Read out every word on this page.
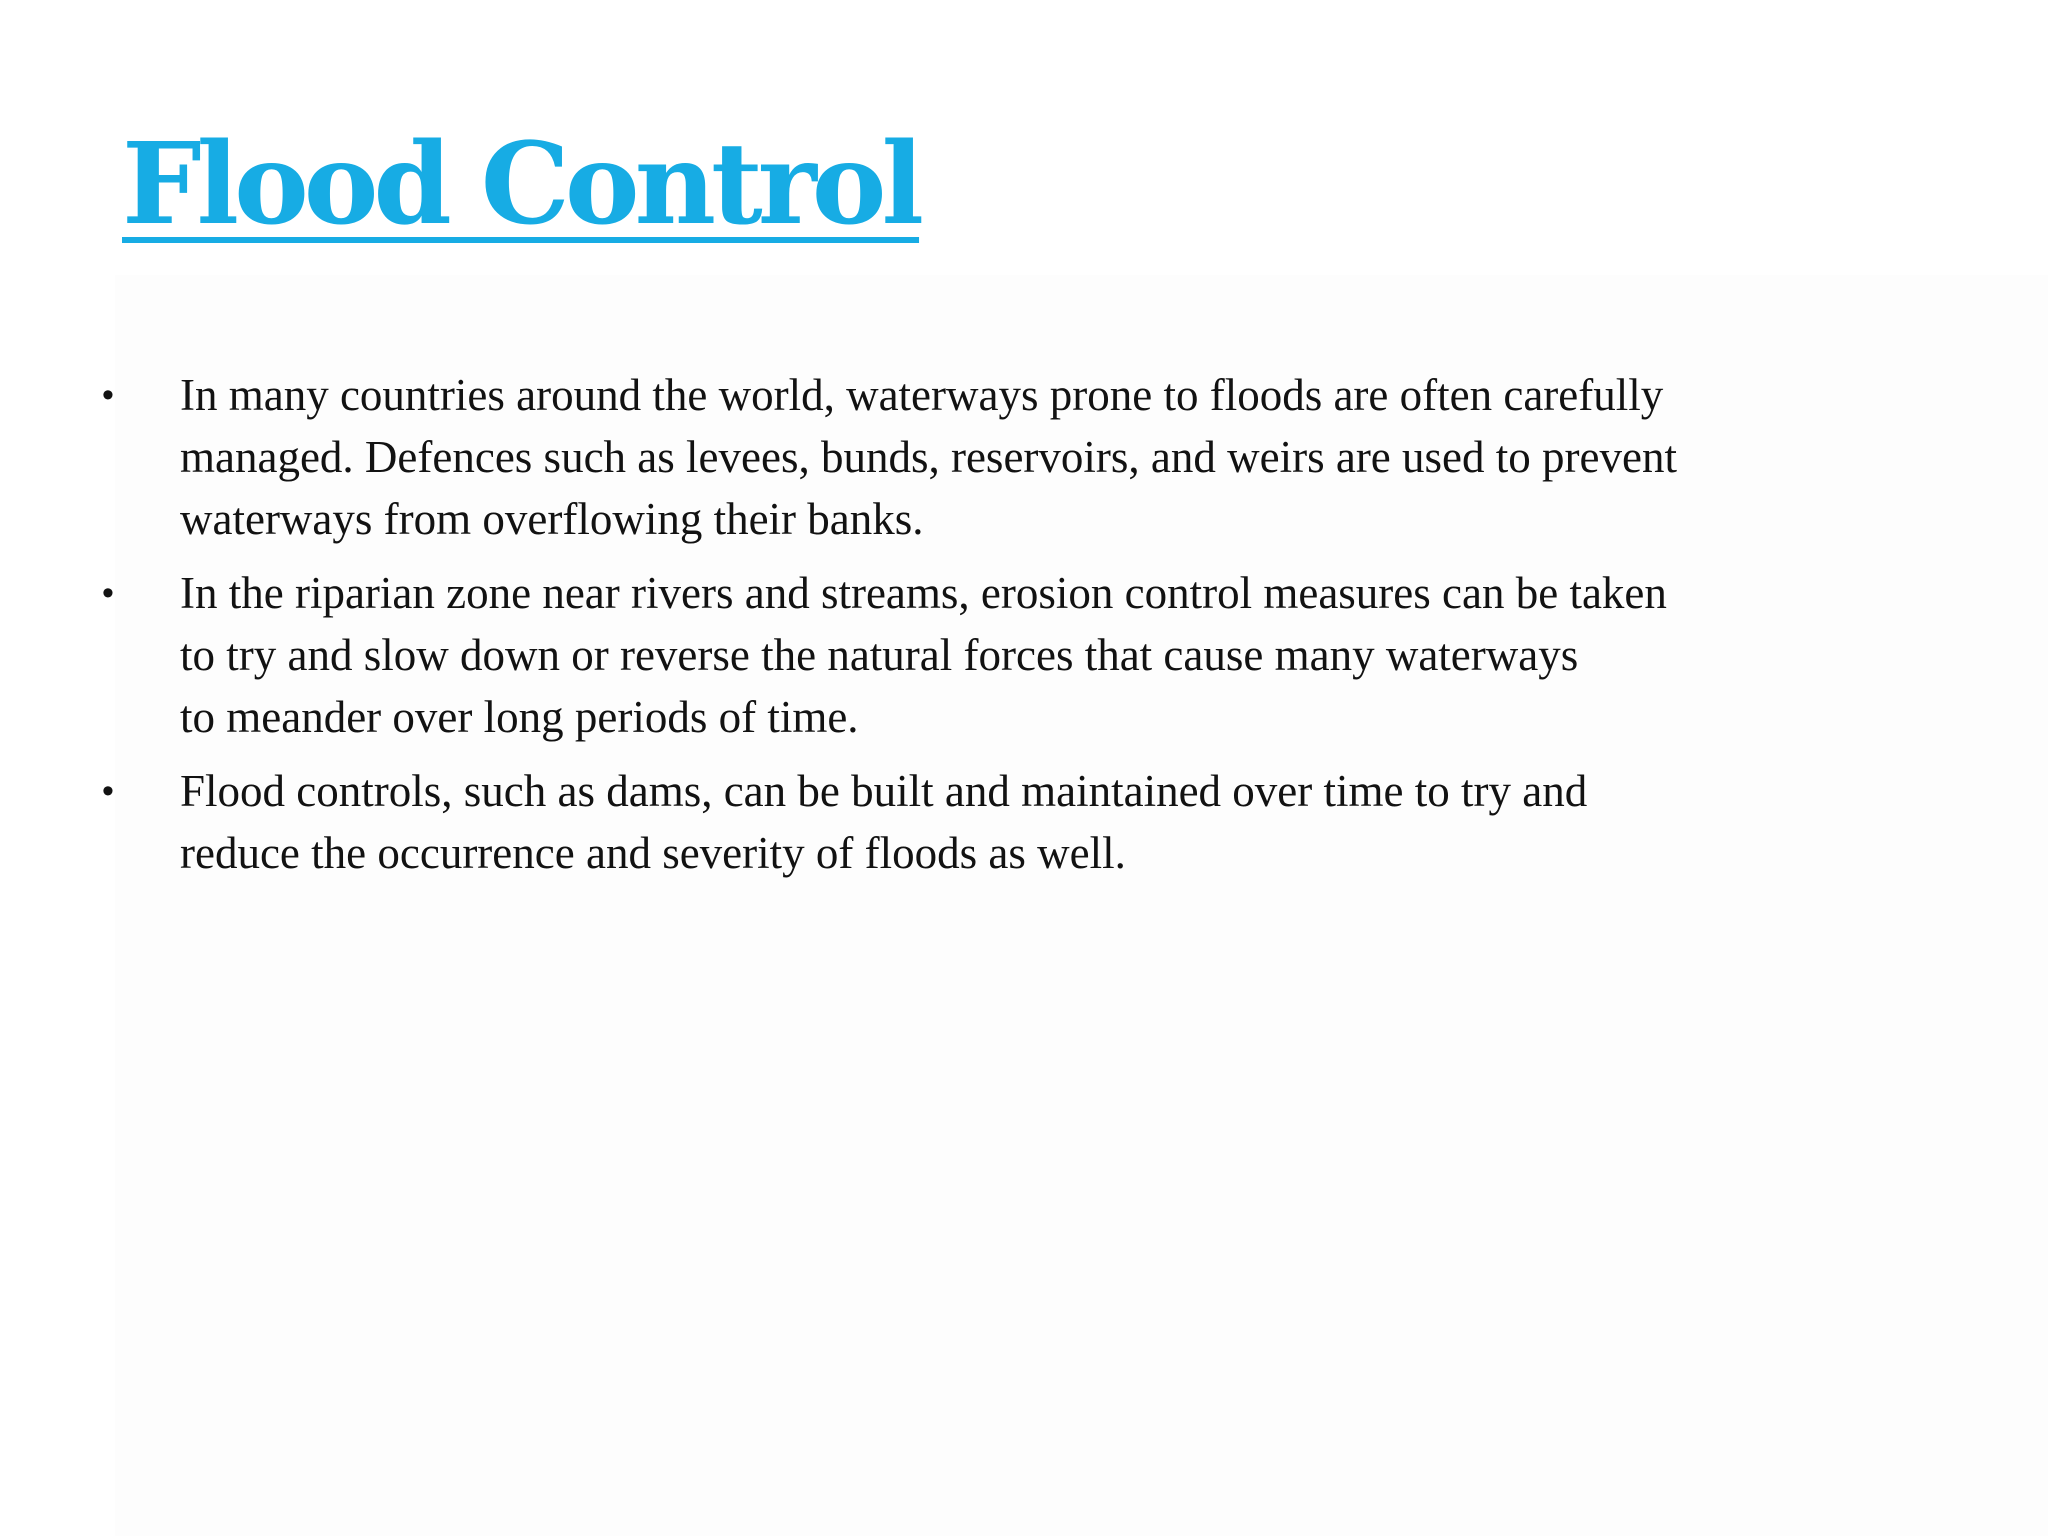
Flood Control
• In many countries around the world, waterways prone to floods are often carefully
managed. Defences such as levees, bunds, reservoirs, and weirs are used to prevent
waterways from overflowing their banks.
• In the riparian zone near rivers and streams, erosion control measures can be taken
to try and slow down or reverse the natural forces that cause many waterways
to meander over long periods of time.
• Flood controls, such as dams, can be built and maintained over time to try and
reduce the occurrence and severity of floods as well.
